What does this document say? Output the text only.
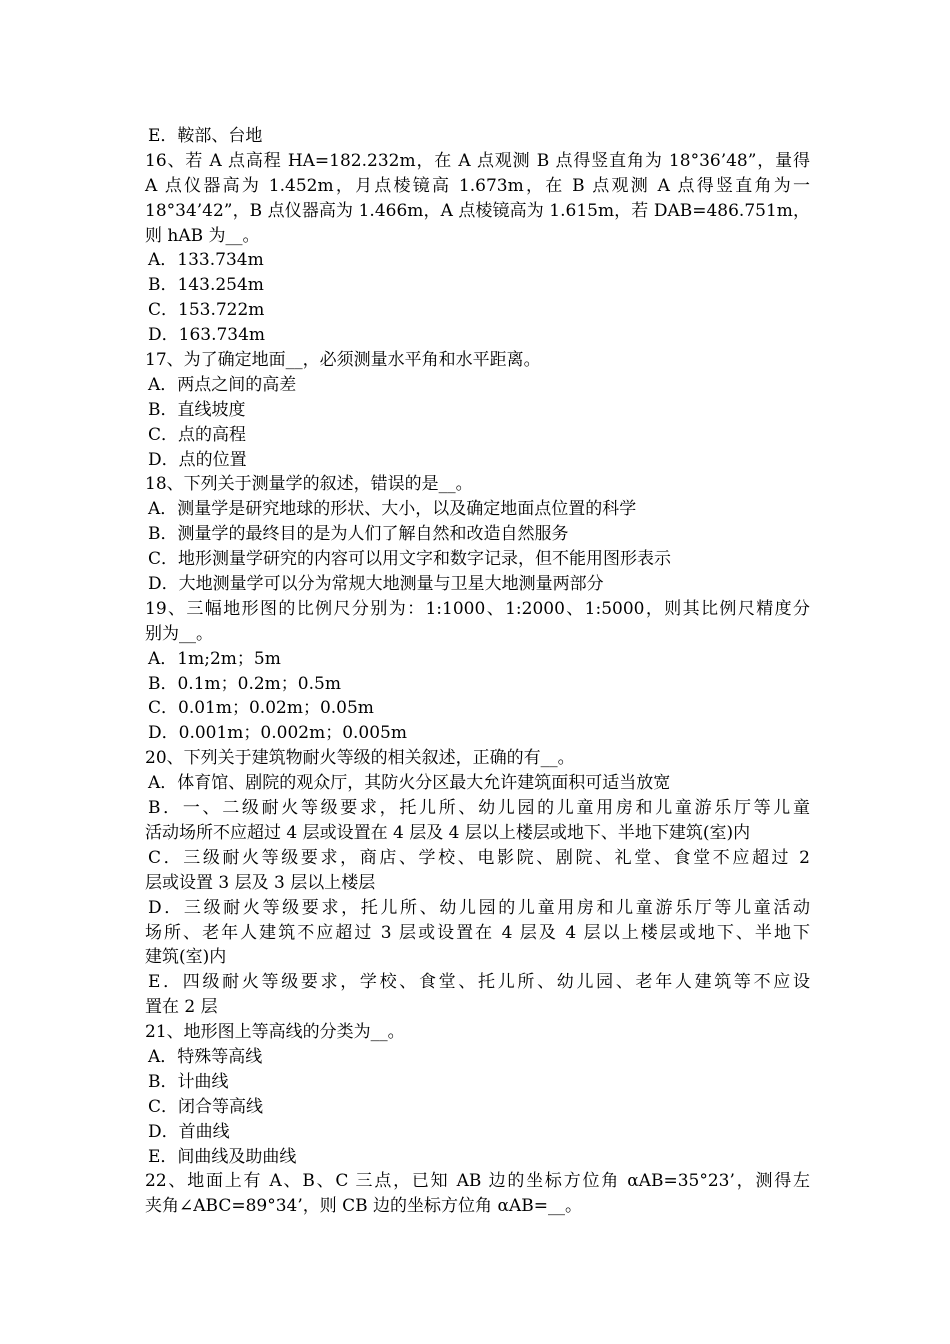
E．鞍部、台地
16、若 A 点高程 HA=182.232m，在 A 点观测 B 点得竖直角为 18°36’48”，量得
A 点仪器高为 1.452m，月点棱镜高 1.673m，在 B 点观测 A 点得竖直角为一
18°34’42”，B 点仪器高为 1.466m，A 点棱镜高为 1.615m，若 DAB=486.751m，
则 hAB 为__。
A．133.734m
B．143.254m
C．153.722m
D．163.734m
17、为了确定地面__，必须测量水平角和水平距离。
A．两点之间的高差
B．直线坡度
C．点的高程
D．点的位置
18、下列关于测量学的叙述，错误的是__。
A．测量学是研究地球的形状、大小，以及确定地面点位置的科学
B．测量学的最终目的是为人们了解自然和改造自然服务
C．地形测量学研究的内容可以用文字和数字记录，但不能用图形表示
D．大地测量学可以分为常规大地测量与卫星大地测量两部分
19、三幅地形图的比例尺分别为：1:1000、1:2000、1:5000，则其比例尺精度分
别为__。
A．1m;2m；5m
B．0.1m；0.2m；0.5m
C．0.01m；0.02m；0.05m
D．0.001m；0.002m；0.005m
20、下列关于建筑物耐火等级的相关叙述，正确的有__。
A．体育馆、剧院的观众厅，其防火分区最大允许建筑面积可适当放宽
B．一、二级耐火等级要求，托儿所、幼儿园的儿童用房和儿童游乐厅等儿童
活动场所不应超过 4 层或设置在 4 层及 4 层以上楼层或地下、半地下建筑(室)内
C．三级耐火等级要求，商店、学校、电影院、剧院、礼堂、食堂不应超过 2
层或设置 3 层及 3 层以上楼层
D．三级耐火等级要求，托儿所、幼儿园的儿童用房和儿童游乐厅等儿童活动
场所、老年人建筑不应超过 3 层或设置在 4 层及 4 层以上楼层或地下、半地下
建筑(室)内
E．四级耐火等级要求，学校、食堂、托儿所、幼儿园、老年人建筑等不应设
置在 2 层
21、地形图上等高线的分类为__。
A．特殊等高线
B．计曲线
C．闭合等高线
D．首曲线
E．间曲线及助曲线
22、地面上有 A、B、C 三点，已知 AB 边的坐标方位角 αAB=35°23’，测得左
夹角∠ABC=89°34’，则 CB 边的坐标方位角 αAB=__。
